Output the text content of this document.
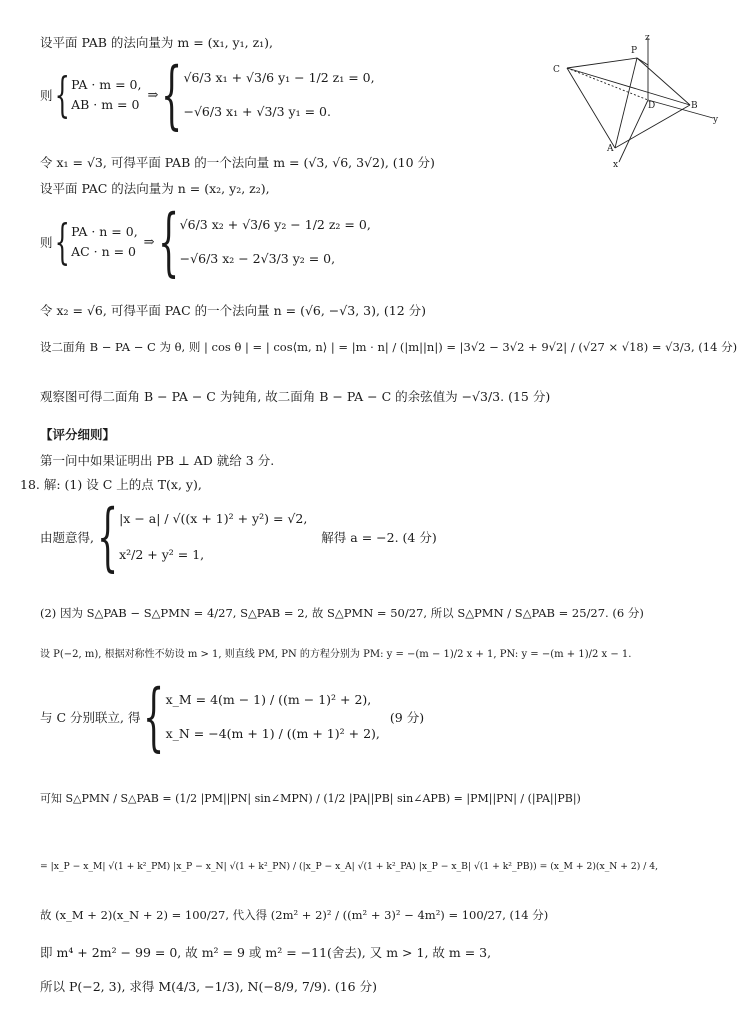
C
P
z
D	B
y
A
x
设平面 PAB 的法向量为 m = (x₁, y₁, z₁),
则 { PA · m = 0,
AB · m = 0
⇒ { √6/3 x₁ + √3/6 y₁ − 1/2 z₁ = 0,
−√6/3 x₁ + √3/3 y₁ = 0.
令 x₁ = √3, 可得平面 PAB 的一个法向量 m = (√3, √6, 3√2), (10 分)
设平面 PAC 的法向量为 n = (x₂, y₂, z₂),
则 { PA · n = 0,
AC · n = 0
⇒ { √6/3 x₂ + √3/6 y₂ − 1/2 z₂ = 0,
−√6/3 x₂ − 2√3/3 y₂ = 0,
令 x₂ = √6, 可得平面 PAC 的一个法向量 n = (√6, −√3, 3), (12 分)
设二面角 B − PA − C 为 θ, 则 | cos θ | = | cos⟨m, n⟩ | = |m · n| / (|m||n|) = |3√2 − 3√2 + 9√2| / (√27 × √18) = √3/3, (14 分)
观察图可得二面角 B − PA − C 为钝角, 故二面角 B − PA − C 的余弦值为 −√3/3. (15 分)
【评分细则】
第一问中如果证明出 PB ⊥ AD 就给 3 分.
18. 解: (1) 设 C 上的点 T(x, y),
由题意得, { |x − a| / √((x + 1)² + y²) = √2,
x²/2 + y² = 1,
解得 a = −2. (4 分)
(2) 因为 S△PAB − S△PMN = 4/27, S△PAB = 2, 故 S△PMN = 50/27, 所以 S△PMN / S△PAB = 25/27. (6 分)
设 P(−2, m), 根据对称性不妨设 m > 1, 则直线 PM, PN 的方程分别为 PM: y = −(m − 1)/2 x + 1, PN: y = −(m + 1)/2 x − 1.
与 C 分别联立, 得 { x_M = 4(m − 1) / ((m − 1)² + 2),
x_N = −4(m + 1) / ((m + 1)² + 2),
(9 分)
可知 S△PMN / S△PAB = (1/2 |PM||PN| sin∠MPN) / (1/2 |PA||PB| sin∠APB) = |PM||PN| / (|PA||PB|)
= |x_P − x_M| √(1 + k²_PM) |x_P − x_N| √(1 + k²_PN) / (|x_P − x_A| √(1 + k²_PA) |x_P − x_B| √(1 + k²_PB)) = (x_M + 2)(x_N + 2) / 4,
故 (x_M + 2)(x_N + 2) = 100/27, 代入得 (2m² + 2)² / ((m² + 3)² − 4m²) = 100/27, (14 分)
即 m⁴ + 2m² − 99 = 0, 故 m² = 9 或 m² = −11(舍去), 又 m > 1, 故 m = 3,
所以 P(−2, 3), 求得 M(4/3, −1/3), N(−8/9, 7/9). (16 分)
